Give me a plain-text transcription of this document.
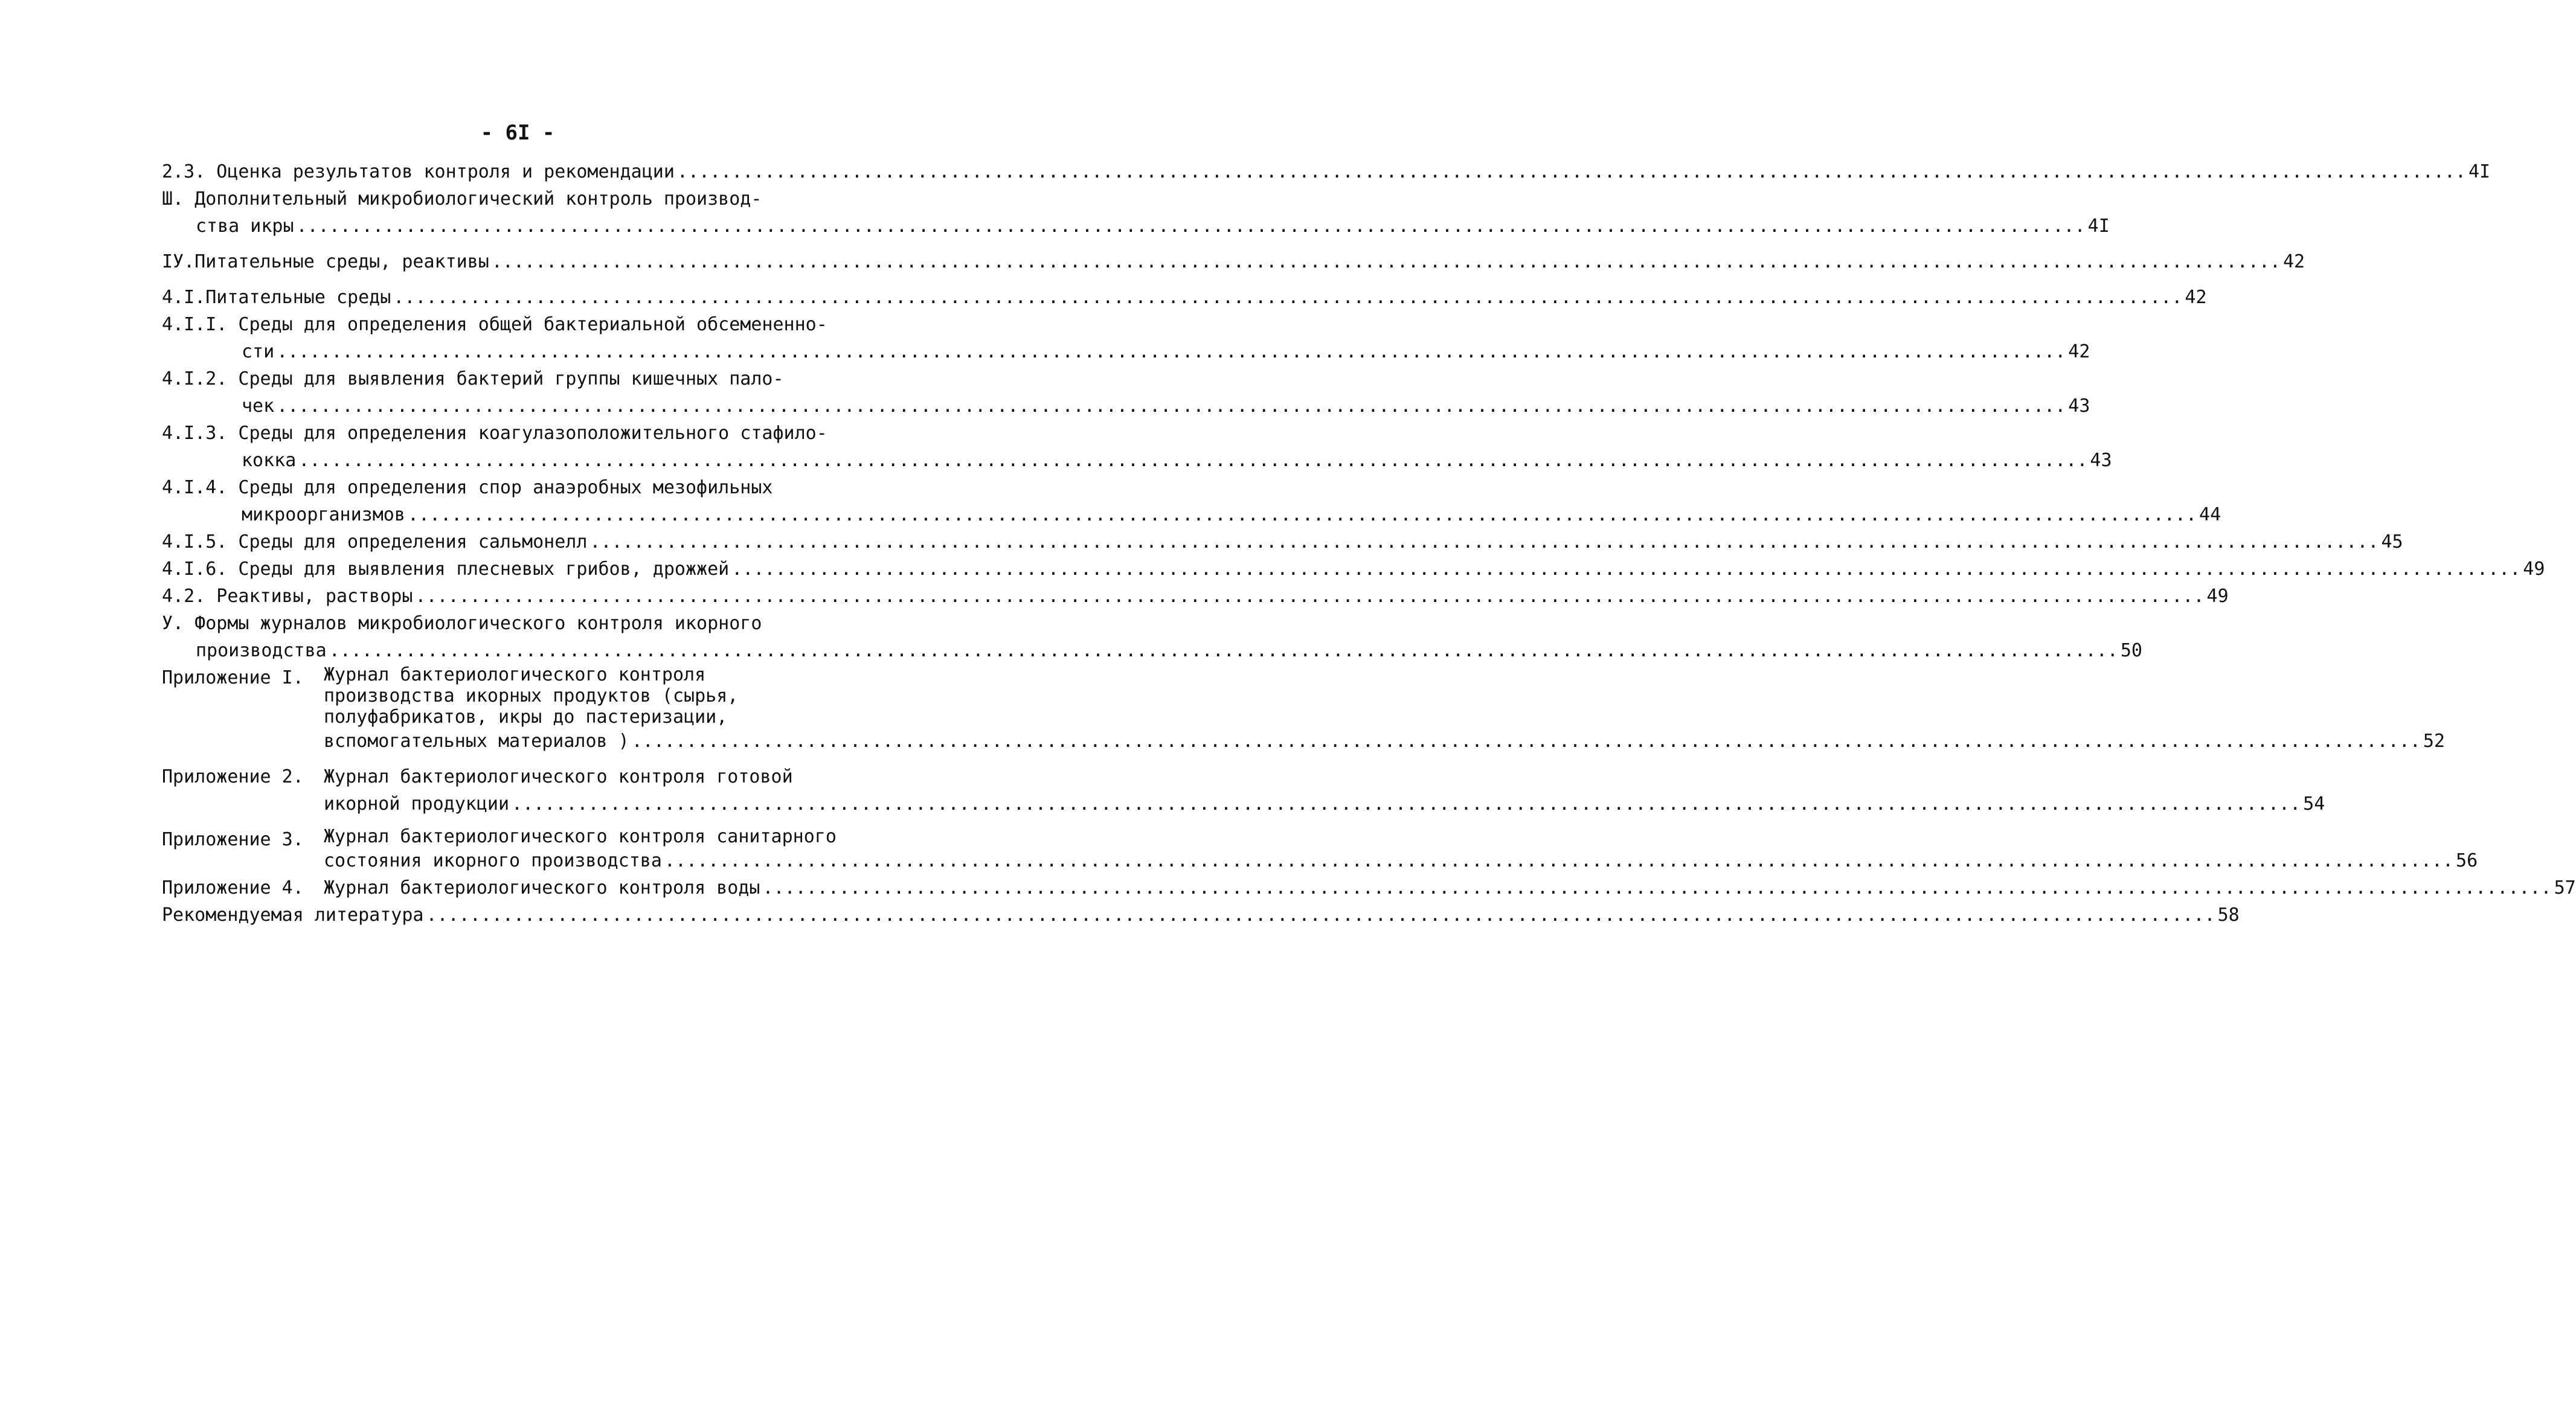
- 6I -
2.3. Оценка результатов контроля и рекомендации .....	4I
Ш. Дополнительный микробиологический контроль производ-
ства икры .....	4I
IУ.Питательные среды, реактивы .....	42
4.I.Питательные среды .....	42
4.I.I. Среды для определения общей бактериальной обсемененно-
сти .....	42
4.I.2. Среды для выявления бактерий группы кишечных пало-
чек .....	43
4.I.3. Среды для определения коагулазоположительного стафило-
кокка .....	43
4.I.4. Среды для определения спор анаэробных мезофильных
микроорганизмов .....	44
4.I.5. Среды для определения сальмонелл .....	45
4.I.6. Среды для выявления плесневых грибов, дрожжей .....	49
4.2. Реактивы, растворы .....	49
У. Формы журналов микробиологического контроля икорного
производства .....	50
Приложение I.	Журнал бактериологического контроля
производства икорных продуктов (сырья,
полуфабрикатов, икры до пастеризации,
вспомогательных материалов ) .....	52
Приложение 2.	Журнал бактериологического контроля готовой
икорной продукции .....	54
Приложение 3.	Журнал бактериологического контроля санитарного
состояния икорного производства .....	56
Приложение 4.	Журнал бактериологического контроля воды .....	57
Рекомендуемая литература .....	58
